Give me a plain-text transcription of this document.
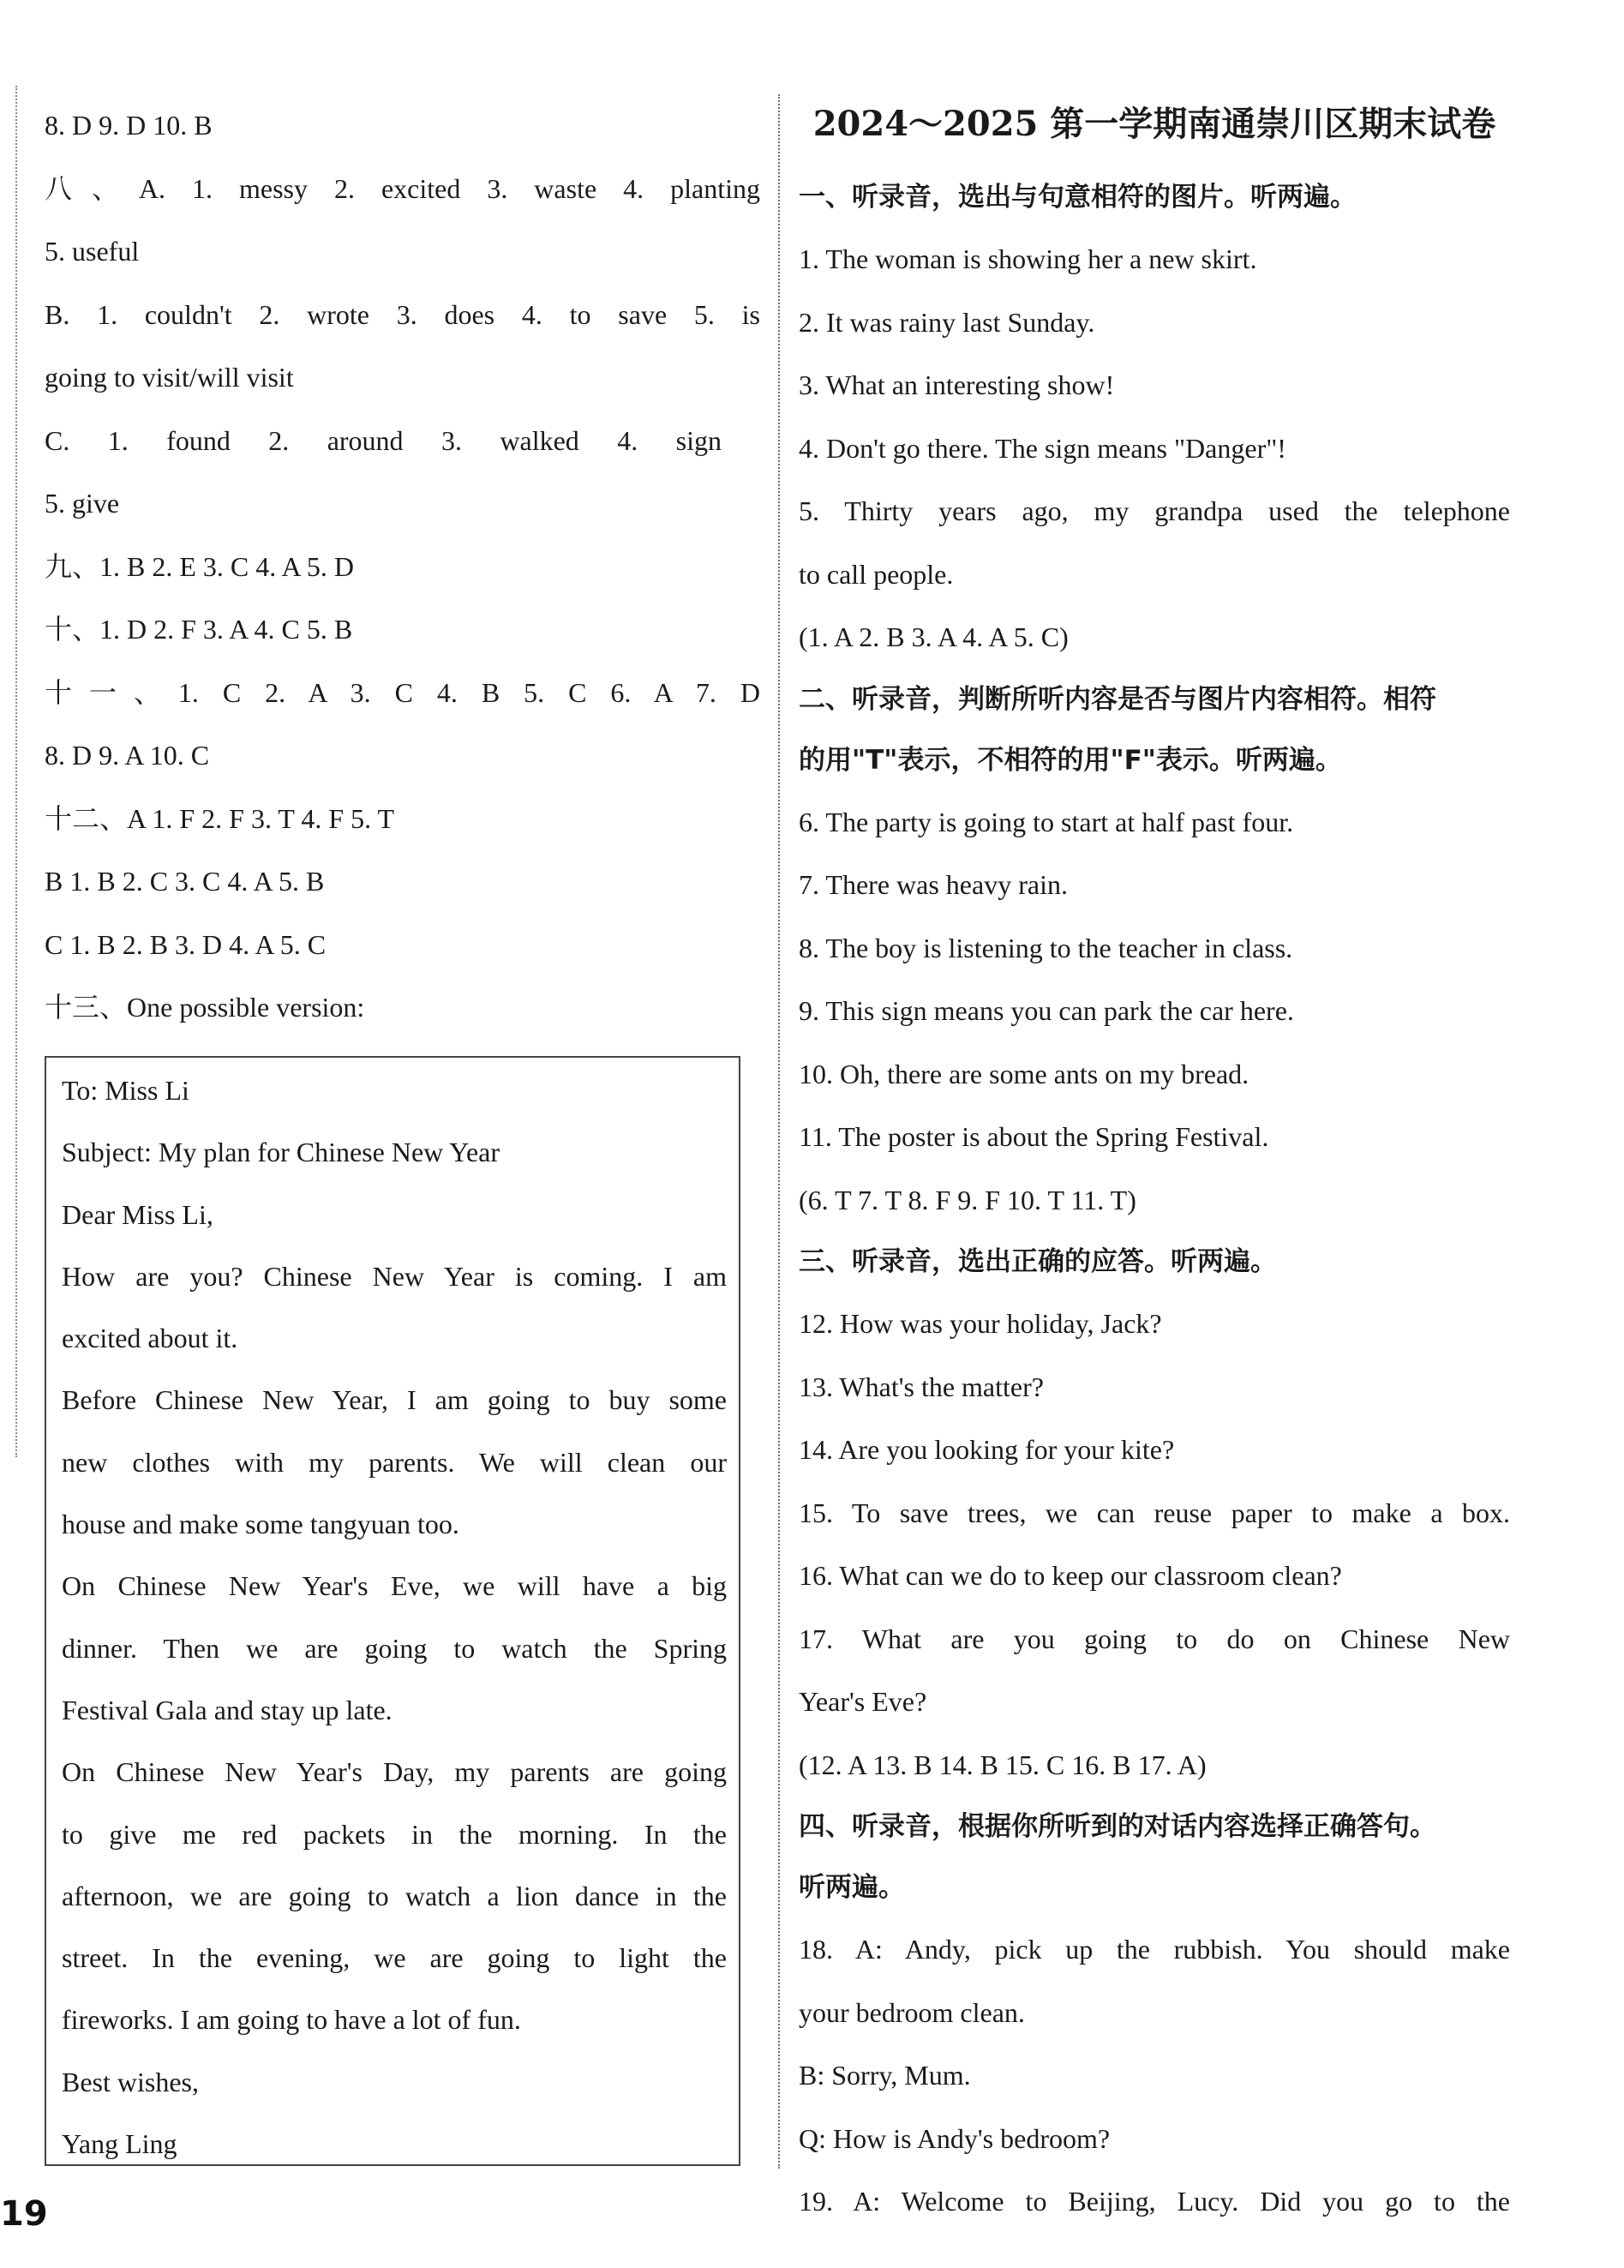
8. D 9. D 10. B
八、A. 1. messy 2. excited 3. waste 4. planting
5. useful
B. 1. couldn't 2. wrote 3. does 4. to save 5. is
going to visit/will visit
C. 1. found 2. around 3. walked 4. sign
5. give
九、1. B 2. E 3. C 4. A 5. D
十、1. D 2. F 3. A 4. C 5. B
十一、1. C 2. A 3. C 4. B 5. C 6. A 7. D
8. D 9. A 10. C
十二、A 1. F 2. F 3. T 4. F 5. T
B 1. B 2. C 3. C 4. A 5. B
C 1. B 2. B 3. D 4. A 5. C
十三、One possible version:
To: Miss Li
Subject: My plan for Chinese New Year
Dear Miss Li,
How are you? Chinese New Year is coming. I am
excited about it.
Before Chinese New Year, I am going to buy some
new clothes with my parents. We will clean our
house and make some tangyuan too.
On Chinese New Year's Eve, we will have a big
dinner. Then we are going to watch the Spring
Festival Gala and stay up late.
On Chinese New Year's Day, my parents are going
to give me red packets in the morning. In the
afternoon, we are going to watch a lion dance in the
street. In the evening, we are going to light the
fireworks. I am going to have a lot of fun.
Best wishes,
Yang Ling
2024～2025 第一学期南通崇川区期末试卷
一、听录音，选出与句意相符的图片。听两遍。
1. The woman is showing her a new skirt.
2. It was rainy last Sunday.
3. What an interesting show!
4. Don't go there. The sign means "Danger"!
5. Thirty years ago, my grandpa used the telephone
to call people.
(1. A 2. B 3. A 4. A 5. C)
二、听录音，判断所听内容是否与图片内容相符。相符
的用"T"表示，不相符的用"F"表示。听两遍。
6. The party is going to start at half past four.
7. There was heavy rain.
8. The boy is listening to the teacher in class.
9. This sign means you can park the car here.
10. Oh, there are some ants on my bread.
11. The poster is about the Spring Festival.
(6. T 7. T 8. F 9. F 10. T 11. T)
三、听录音，选出正确的应答。听两遍。
12. How was your holiday, Jack?
13. What's the matter?
14. Are you looking for your kite?
15. To save trees, we can reuse paper to make a box.
16. What can we do to keep our classroom clean?
17. What are you going to do on Chinese New
Year's Eve?
(12. A 13. B 14. B 15. C 16. B 17. A)
四、听录音，根据你所听到的对话内容选择正确答句。
听两遍。
18. A: Andy, pick up the rubbish. You should make
your bedroom clean.
B: Sorry, Mum.
Q: How is Andy's bedroom?
19. A: Welcome to Beijing, Lucy. Did you go to the
19
